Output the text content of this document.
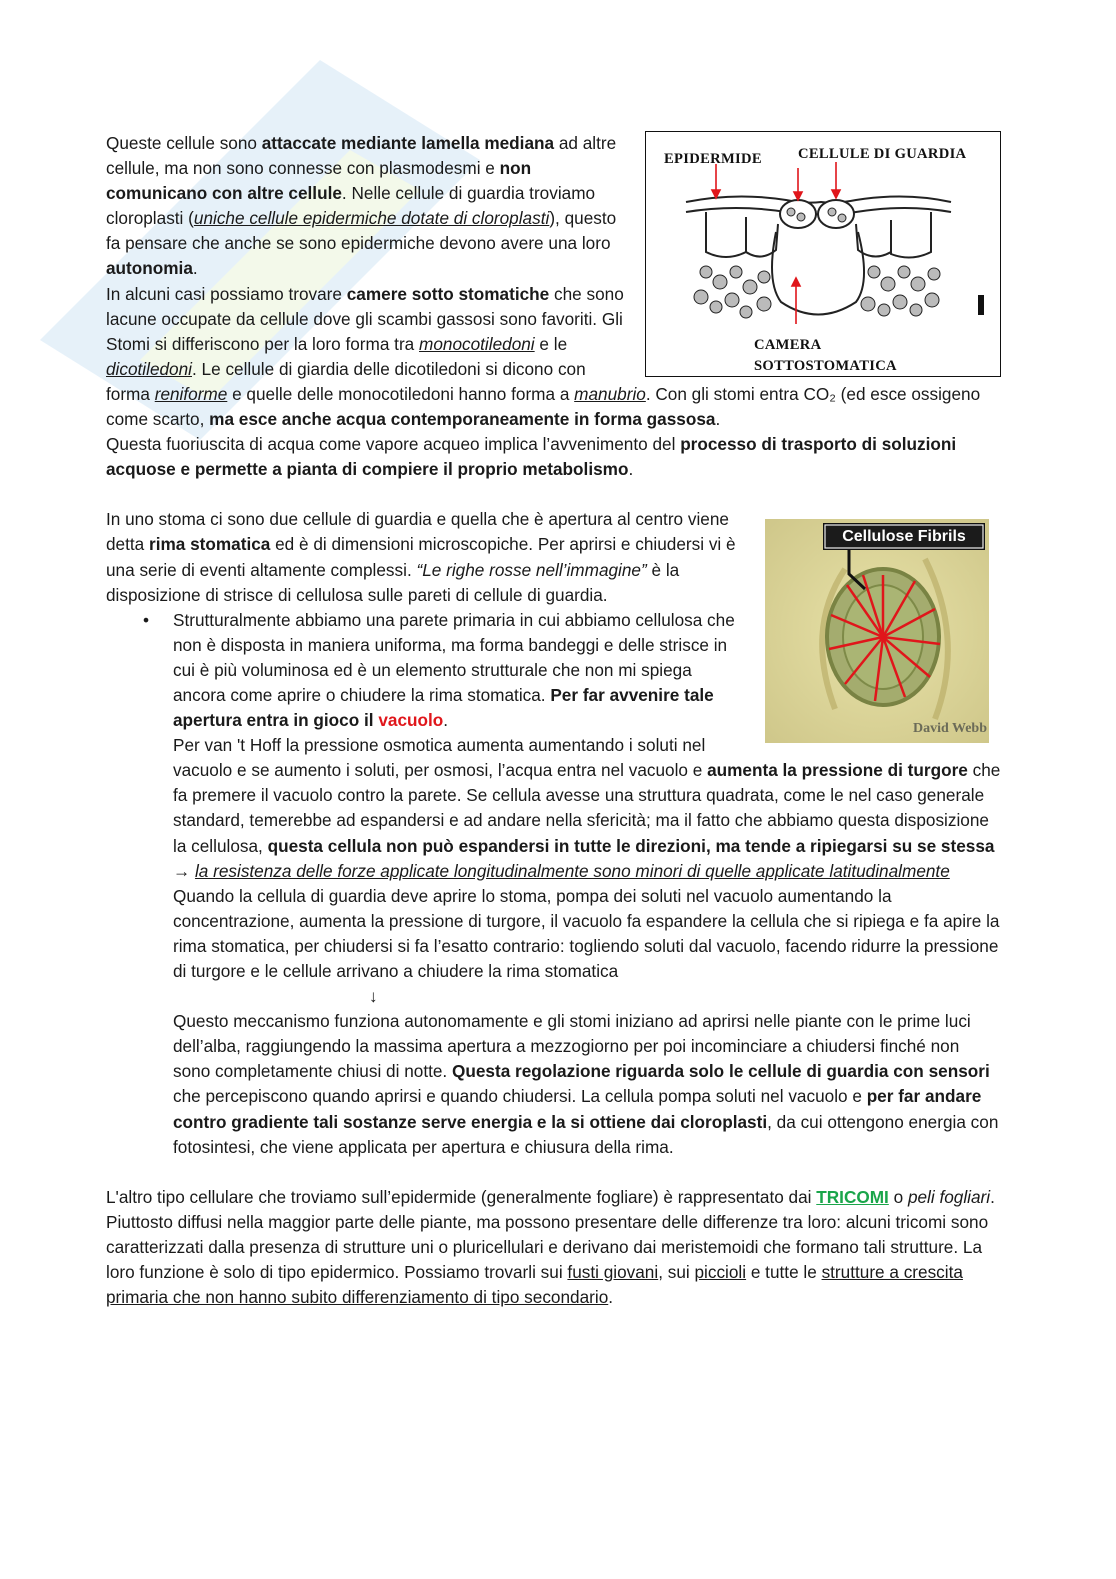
EPIDERMIDE CELLULE DI GUARDIA
CAMERA
SOTTOSTOMATICA

Queste cellule sono attaccate mediante lamella mediana ad altre cellule, ma non sono connesse con plasmodesmi e non comunicano con altre cellule. Nelle cellule di guardia troviamo cloroplasti (uniche cellule epidermiche dotate di cloroplasti), questo fa pensare che anche se sono epidermiche devono avere una loro autonomia.

In alcuni casi possiamo trovare camere sotto stomatiche che sono lacune occupate da cellule dove gli scambi gassosi sono favoriti. Gli Stomi si differiscono per la loro forma tra monocotiledoni e le dicotiledoni. Le cellule di giardia delle dicotiledoni si dicono con forma reniforme e quelle delle monocotiledoni hanno forma a manubrio. Con gli stomi entra CO₂ (ed esce ossigeno come scarto, ma esce anche acqua contemporaneamente in forma gassosa.

Questa fuoriuscita di acqua come vapore acqueo implica l’avvenimento del processo di trasporto di soluzioni acquose e permette a pianta di compiere il proprio metabolismo.

Cellulose Fibrils
David Webb

In uno stoma ci sono due cellule di guardia e quella che è apertura al centro viene detta rima stomatica ed è di dimensioni microscopiche. Per aprirsi e chiudersi vi è una serie di eventi altamente complessi. “Le righe rosse nell’immagine” è la disposizione di strisce di cellulosa sulle pareti di cellule di guardia.

• Strutturalmente abbiamo una parete primaria in cui abbiamo cellulosa che non è disposta in maniera uniforma, ma forma bandeggi e delle strisce in cui è più voluminosa ed è un elemento strutturale che non mi spiega ancora come aprire o chiudere la rima stomatica. Per far avvenire tale apertura entra in gioco il vacuolo.

Per van 't Hoff la pressione osmotica aumenta aumentando i soluti nel vacuolo e se aumento i soluti, per osmosi, l’acqua entra nel vacuolo e aumenta la pressione di turgore che fa premere il vacuolo contro la parete. Se cellula avesse una struttura quadrata, come le nel caso generale standard, temerebbe ad espandersi e ad andare nella sfericità; ma il fatto che abbiamo questa disposizione la cellulosa, questa cellula non può espandersi in tutte le direzioni, ma tende a ripiegarsi su se stessa → la resistenza delle forze applicate longitudinalmente sono minori di quelle applicate latitudinalmente

Quando la cellula di guardia deve aprire lo stoma, pompa dei soluti nel vacuolo aumentando la concentrazione, aumenta la pressione di turgore, il vacuolo fa espandere la cellula che si ripiega e fa apire la rima stomatica, per chiudersi si fa l’esatto contrario: togliendo soluti dal vacuolo, facendo ridurre la pressione di turgore e le cellule arrivano a chiudere la rima stomatica

↓

Questo meccanismo funziona autonomamente e gli stomi iniziano ad aprirsi nelle piante con le prime luci dell’alba, raggiungendo la massima apertura a mezzogiorno per poi incominciare a chiudersi finché non sono completamente chiusi di notte. Questa regolazione riguarda solo le cellule di guardia con sensori che percepiscono quando aprirsi e quando chiudersi. La cellula pompa soluti nel vacuolo e per far andare contro gradiente tali sostanze serve energia e la si ottiene dai cloroplasti, da cui ottengono energia con fotosintesi, che viene applicata per apertura e chiusura della rima.

L'altro tipo cellulare che troviamo sull’epidermide (generalmente fogliare) è rappresentato dai TRICOMI o peli fogliari. Piuttosto diffusi nella maggior parte delle piante, ma possono presentare delle differenze tra loro: alcuni tricomi sono caratterizzati dalla presenza di strutture uni o pluricellulari e derivano dai meristemoidi che formano tali strutture. La loro funzione è solo di tipo epidermico. Possiamo trovarli sui fusti giovani, sui piccioli e tutte le strutture a crescita primaria che non hanno subito differenziamento di tipo secondario.
